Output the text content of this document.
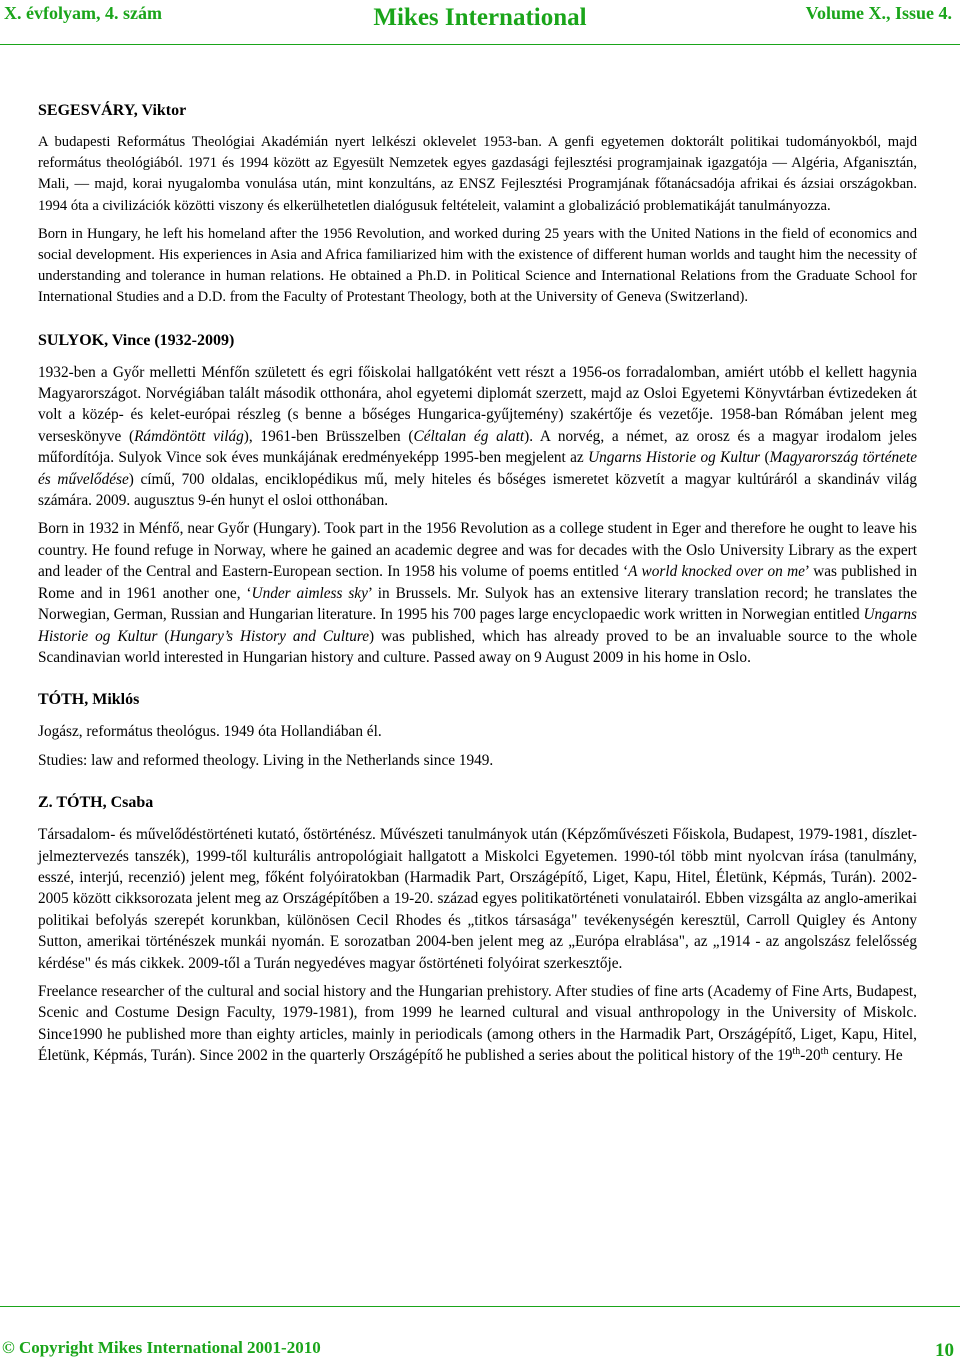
X. évfolyam, 4. szám	Mikes International	Volume X., Issue 4.
SEGESVÁRY, Viktor

A budapesti Református Theológiai Akadémián nyert lelkészi oklevelet 1953-ban. A genfi egyetemen doktorált politikai tudományokból, majd református theológiából. 1971 és 1994 között az Egyesült Nemzetek egyes gazdasági fejlesztési programjainak igazgatója — Algéria, Afganisztán, Mali, — majd, korai nyugalomba vonulása után, mint konzultáns, az ENSZ Fejlesztési Programjának főtanácsadója afrikai és ázsiai országokban. 1994 óta a civilizációk közötti viszony és elkerülhetetlen dialógusuk feltételeit, valamint a globalizáció problematikáját tanulmányozza.

Born in Hungary, he left his homeland after the 1956 Revolution, and worked during 25 years with the United Nations in the field of economics and social development. His experiences in Asia and Africa familiarized him with the existence of different human worlds and taught him the necessity of understanding and tolerance in human relations. He obtained a Ph.D. in Political Science and International Relations from the Graduate School for International Studies and a D.D. from the Faculty of Protestant Theology, both at the University of Geneva (Switzerland).

SULYOK, Vince (1932-2009)

1932-ben a Győr melletti Ménfőn született és egri főiskolai hallgatóként vett részt a 1956-os forradalomban, amiért utóbb el kellett hagynia Magyarországot. Norvégiában talált második otthonára, ahol egyetemi diplomát szerzett, majd az Osloi Egyetemi Könyvtárban évtizedeken át volt a közép- és kelet-európai részleg (s benne a bőséges Hungarica-gyűjtemény) szakértője és vezetője. 1958-ban Rómában jelent meg verseskönyve (Rámdöntött világ), 1961-ben Brüsszelben (Céltalan ég alatt). A norvég, a német, az orosz és a magyar irodalom jeles műfordítója. Sulyok Vince sok éves munkájának eredményeképp 1995-ben megjelent az Ungarns Historie og Kultur (Magyarország története és művelődése) című, 700 oldalas, enciklopédikus mű, mely hiteles és bőséges ismeretet közvetít a magyar kultúráról a skandináv világ számára. 2009. augusztus 9-én hunyt el osloi otthonában.

Born in 1932 in Ménfő, near Győr (Hungary). Took part in the 1956 Revolution as a college student in Eger and therefore he ought to leave his country. He found refuge in Norway, where he gained an academic degree and was for decades with the Oslo University Library as the expert and leader of the Central and Eastern-European section. In 1958 his volume of poems entitled ‘A world knocked over on me’ was published in Rome and in 1961 another one, ‘Under aimless sky’ in Brussels. Mr. Sulyok has an extensive literary translation record; he translates the Norwegian, German, Russian and Hungarian literature. In 1995 his 700 pages large encyclopaedic work written in Norwegian entitled Ungarns Historie og Kultur (Hungary’s History and Culture) was published, which has already proved to be an invaluable source to the whole Scandinavian world interested in Hungarian history and culture. Passed away on 9 August 2009 in his home in Oslo.

TÓTH, Miklós

Jogász, református theológus. 1949 óta Hollandiában él.

Studies: law and reformed theology. Living in the Netherlands since 1949.

Z. TÓTH, Csaba

Társadalom- és művelődéstörténeti kutató, őstörténész. Művészeti tanulmányok után (Képzőművészeti Főiskola, Budapest, 1979-1981, díszlet-jelmeztervezés tanszék), 1999-től kulturális antropológiait hallgatott a Miskolci Egyetemen. 1990-tól több mint nyolcvan írása (tanulmány, esszé, interjú, recenzió) jelent meg, főként folyóiratokban (Harmadik Part, Országépítő, Liget, Kapu, Hitel, Életünk, Képmás, Turán). 2002-2005 között cikksorozata jelent meg az Országépítőben a 19-20. század egyes politikatörténeti vonulatairól. Ebben vizsgálta az anglo-amerikai politikai befolyás szerepét korunkban, különösen Cecil Rhodes és „titkos társasága" tevékenységén keresztül, Carroll Quigley és Antony Sutton, amerikai történészek munkái nyomán. E sorozatban 2004-ben jelent meg az „Európa elrablása", az „1914 - az angolszász felelősség kérdése" és más cikkek. 2009-től a Turán negyedéves magyar őstörténeti folyóirat szerkesztője.

Freelance researcher of the cultural and social history and the Hungarian prehistory. After studies of fine arts (Academy of Fine Arts, Budapest, Scenic and Costume Design Faculty, 1979-1981), from 1999 he learned cultural and visual anthropology in the University of Miskolc. Since1990 he published more than eighty articles, mainly in periodicals (among others in the Harmadik Part, Országépítő, Liget, Kapu, Hitel, Életünk, Képmás, Turán). Since 2002 in the quarterly Országépítő he published a series about the political history of the 19th-20th century. He

© Copyright Mikes International 2001-2010	10
